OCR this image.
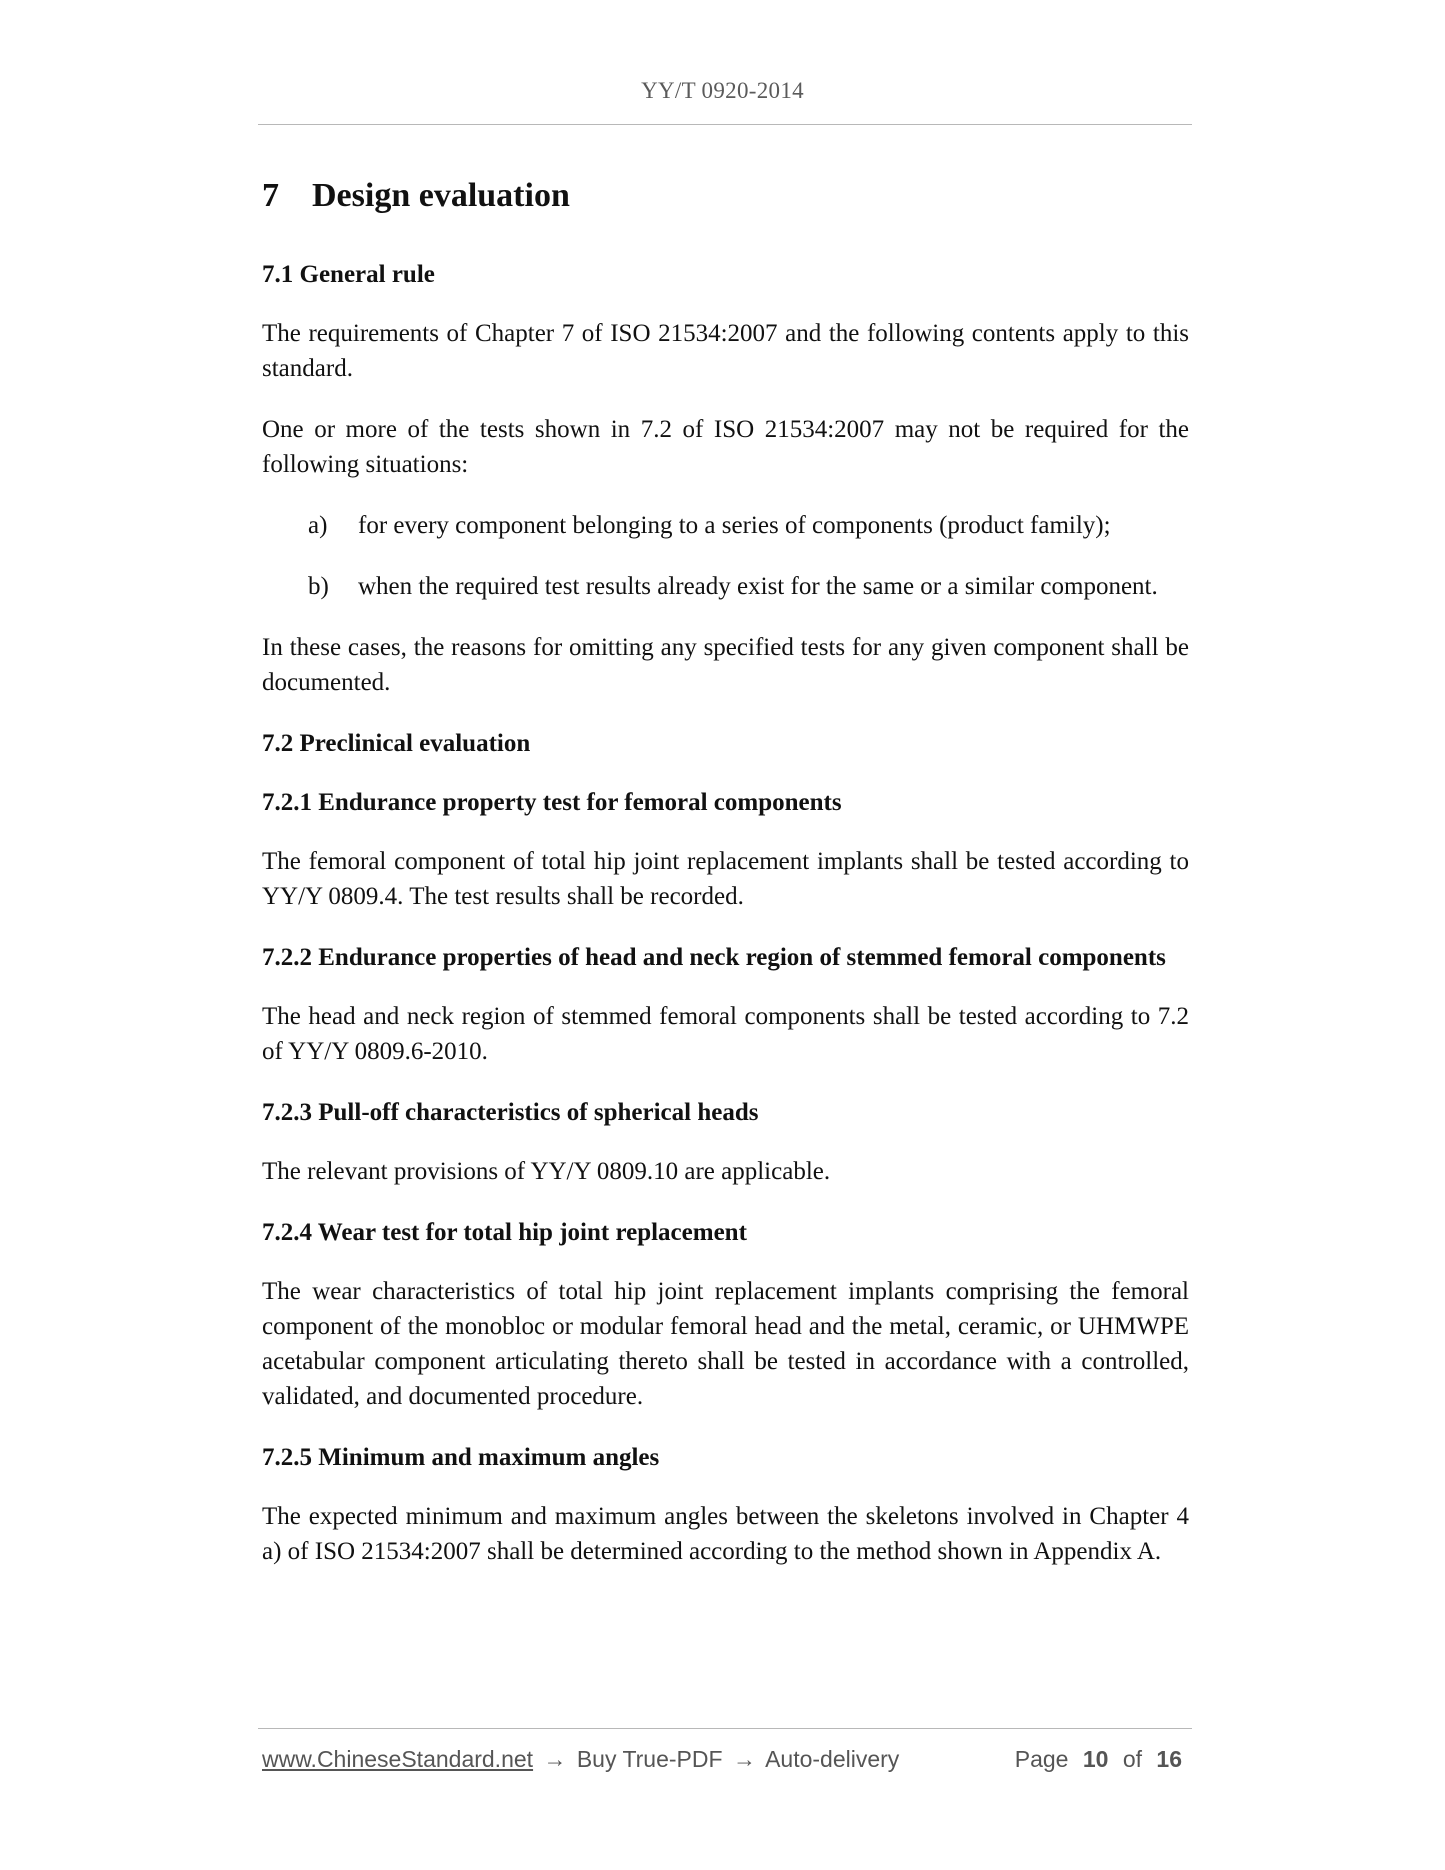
YY/T 0920-2014
7 Design evaluation
7.1 General rule

The requirements of Chapter 7 of ISO 21534:2007 and the following contents apply to this standard.

One or more of the tests shown in 7.2 of ISO 21534:2007 may not be required for the following situations:

a)	for every component belonging to a series of components (product family);
b)	when the required test results already exist for the same or a similar component.

In these cases, the reasons for omitting any specified tests for any given component shall be documented.

7.2 Preclinical evaluation
7.2.1 Endurance property test for femoral components

The femoral component of total hip joint replacement implants shall be tested according to YY/Y 0809.4. The test results shall be recorded.

7.2.2 Endurance properties of head and neck region of stemmed femoral components

The head and neck region of stemmed femoral components shall be tested according to 7.2 of YY/Y 0809.6-2010.

7.2.3 Pull-off characteristics of spherical heads

The relevant provisions of YY/Y 0809.10 are applicable.

7.2.4 Wear test for total hip joint replacement

The wear characteristics of total hip joint replacement implants comprising the femoral component of the monobloc or modular femoral head and the metal, ceramic, or UHMWPE acetabular component articulating thereto shall be tested in accordance with a controlled, validated, and documented procedure.

7.2.5 Minimum and maximum angles

The expected minimum and maximum angles between the skeletons involved in Chapter 4 a) of ISO 21534:2007 shall be determined according to the method shown in Appendix A.

www.ChineseStandard.net → Buy True-PDF → Auto-delivery	Page 10 of 16
